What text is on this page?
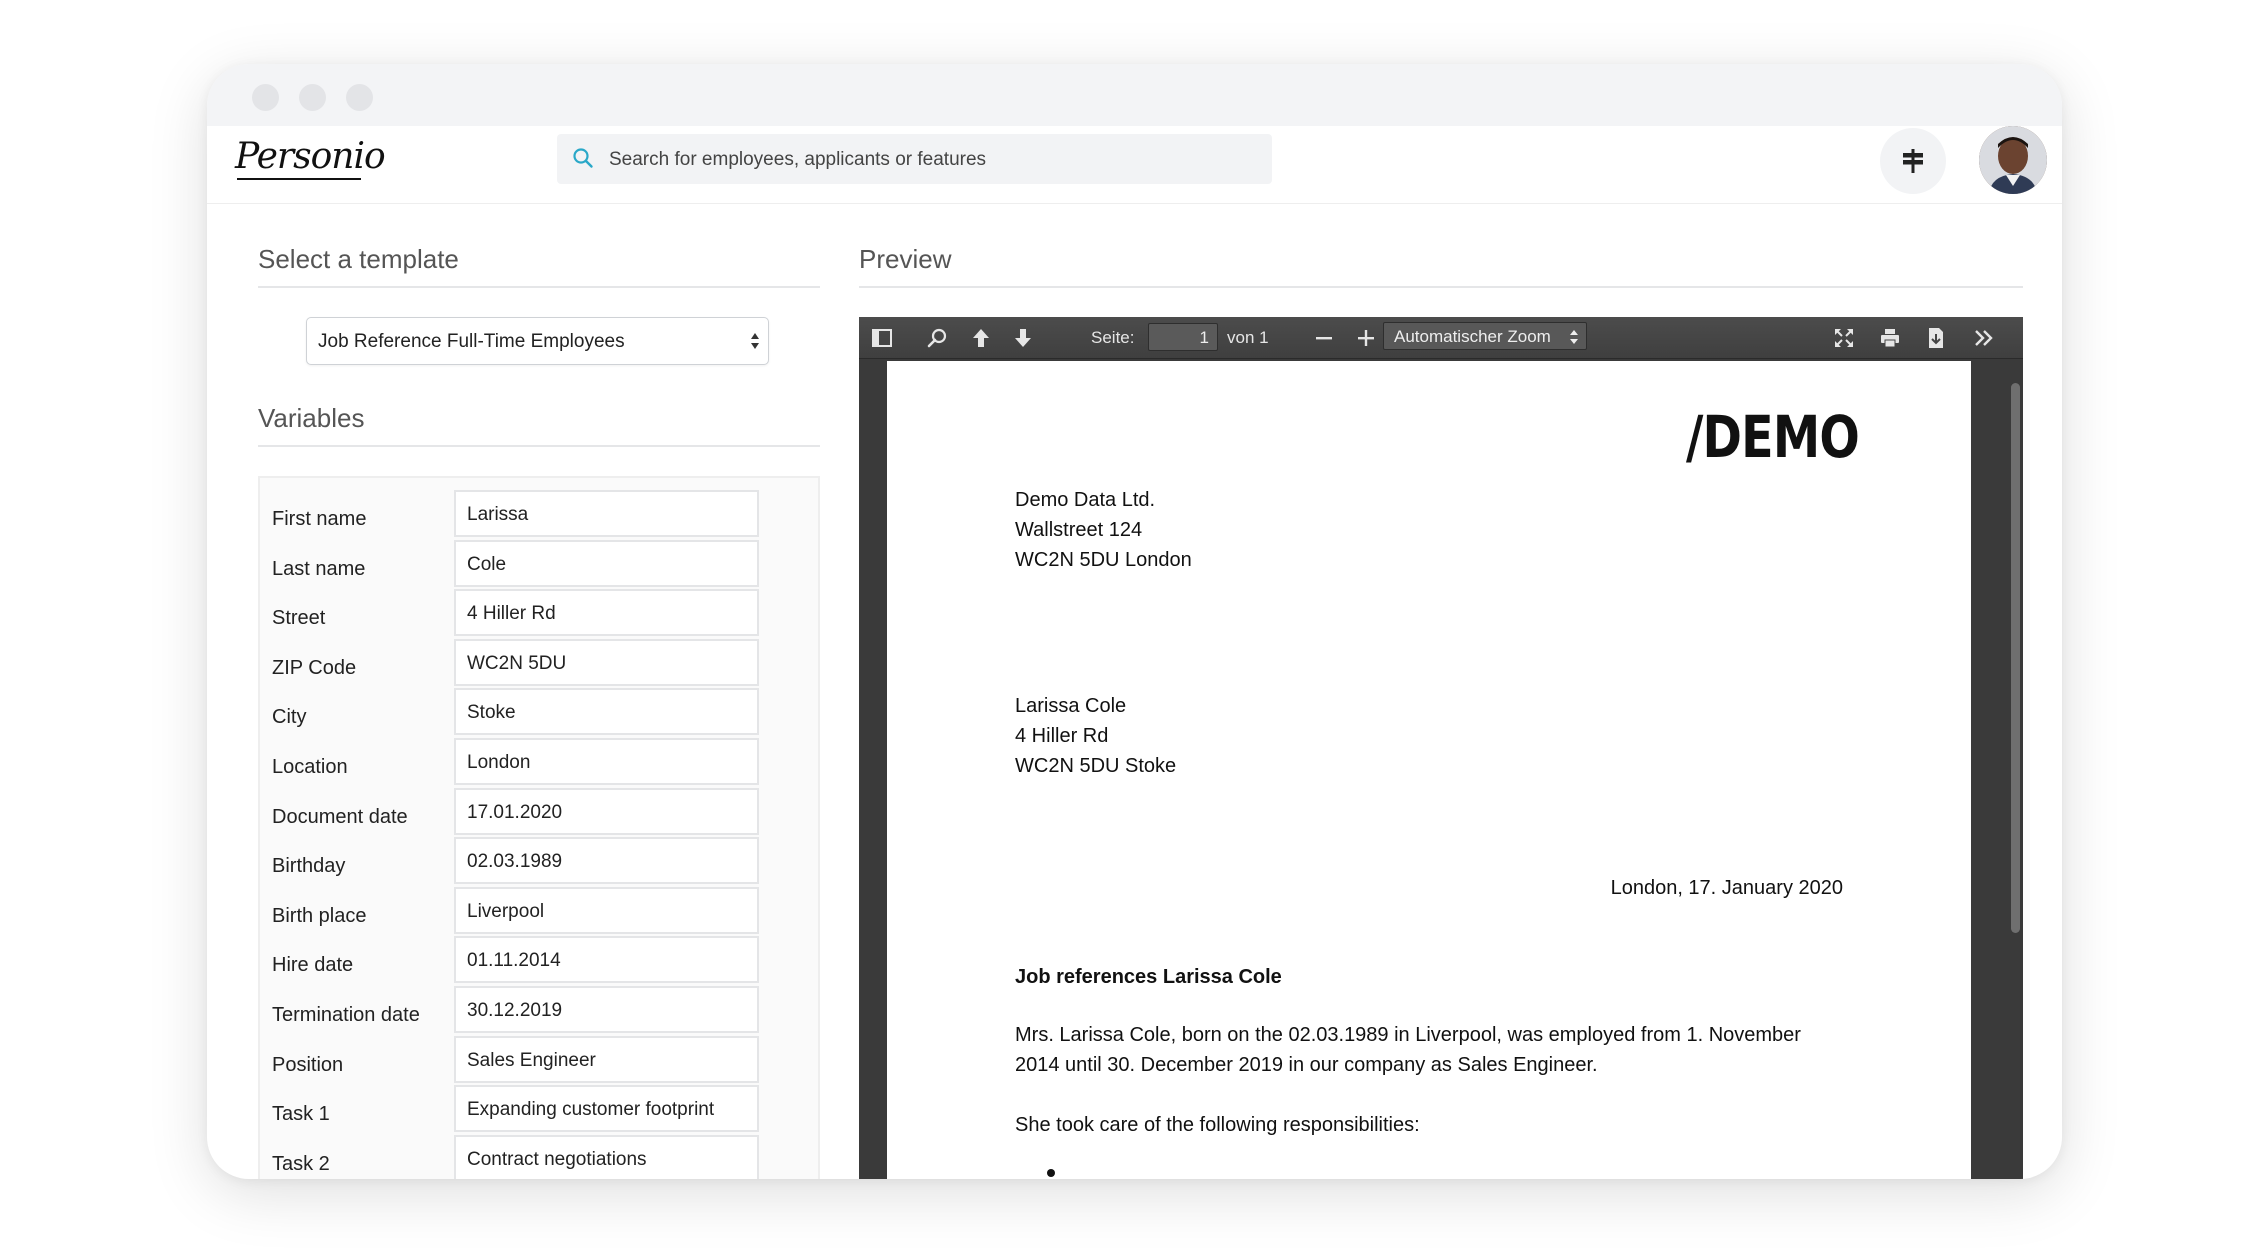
Personio	Search for employees, applicants or features
Select a template
Job Reference Full-Time Employees
Variables
First name	Larissa
Last name	Cole
Street	4 Hiller Rd
ZIP Code	WC2N 5DU
City	Stoke
Location	London
Document date	17.01.2020
Birthday	02.03.1989
Birth place	Liverpool
Hire date	01.11.2014
Termination date	30.12.2019
Position	Sales Engineer
Task 1	Expanding customer footprint
Task 2	Contract negotiations
Preview
Seite:	1	von 1	Automatischer Zoom
/DEMO
Demo Data Ltd.
Wallstreet 124
WC2N 5DU London
Larissa Cole
4 Hiller Rd
WC2N 5DU Stoke
London, 17. January 2020
Job references Larissa Cole
Mrs. Larissa Cole, born on the 02.03.1989 in Liverpool, was employed from 1. November 2014 until 30. December 2019 in our company as Sales Engineer.
She took care of the following responsibilities:
